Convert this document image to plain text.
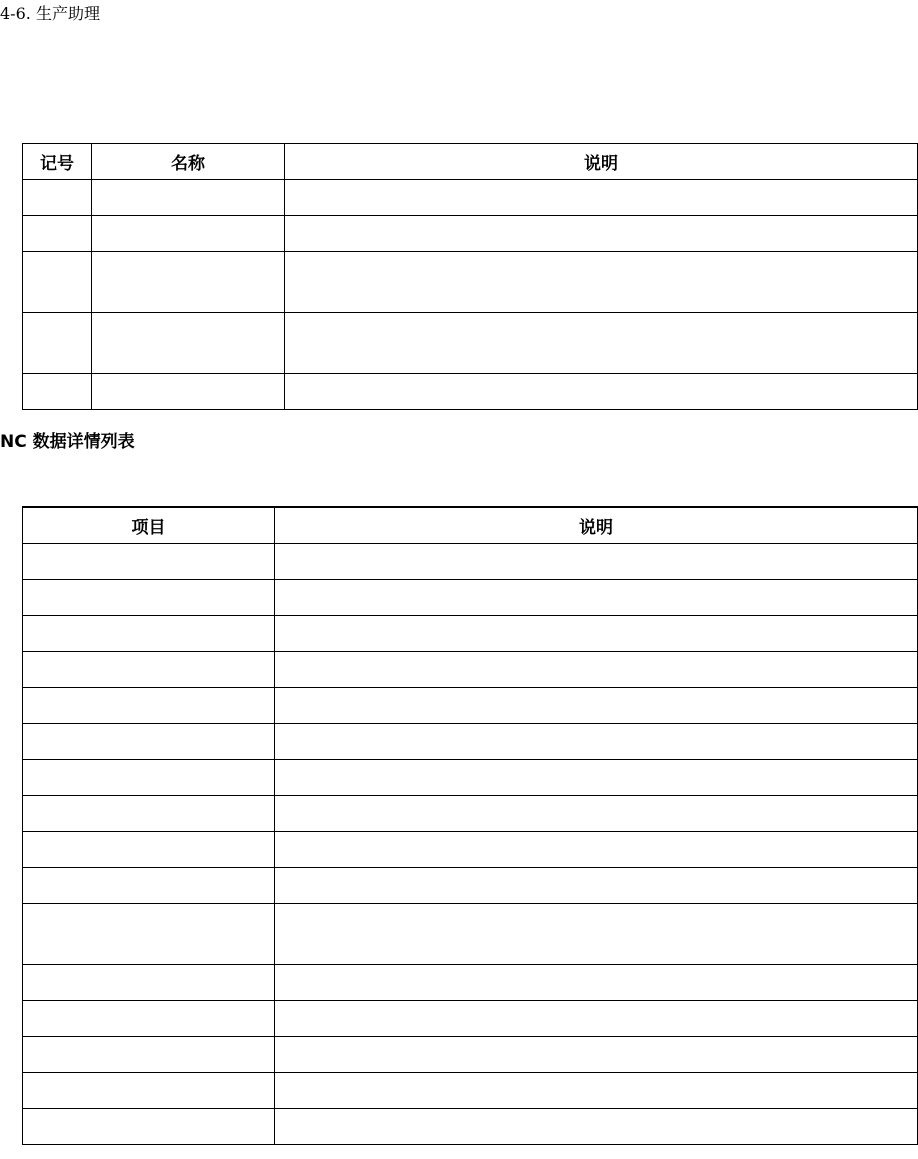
4-6. 生产助理
记号	名称	说明

NC 数据详情列表
项目	说明
